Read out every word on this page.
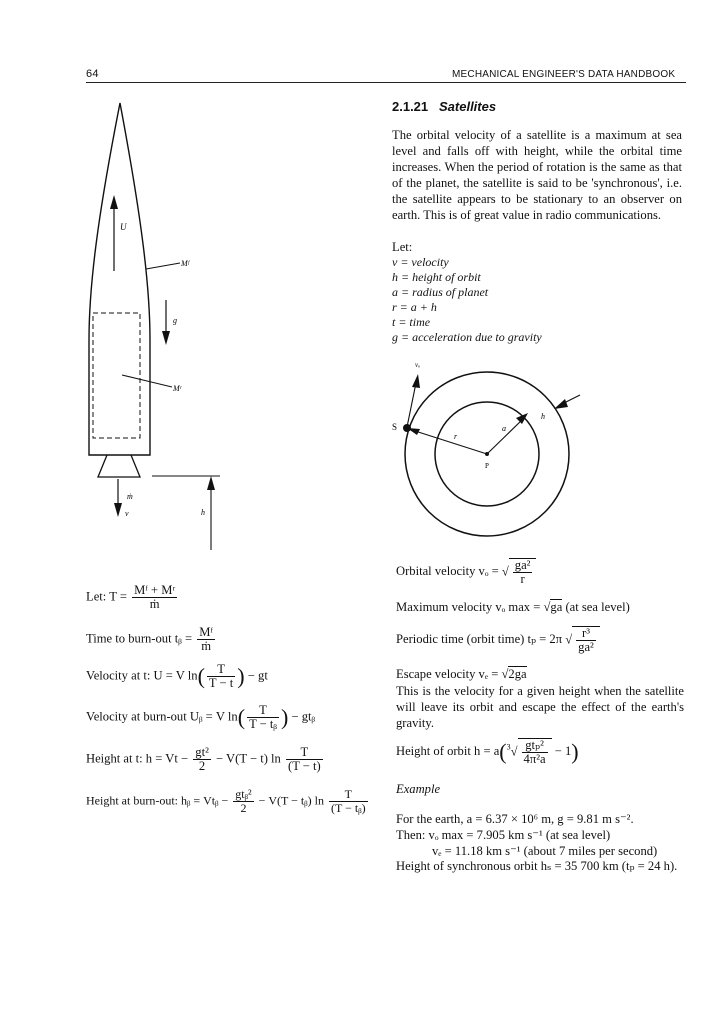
64	MECHANICAL ENGINEER'S DATA HANDBOOK
U
Mᶠ
g
Mʳ
ṁ
v	h
2.1.21 Satellites
The orbital velocity of a satellite is a maximum at sea level and falls off with height, while the orbital time increases. When the period of rotation is the same as that of the planet, the satellite is said to be 'synchronous', i.e. the satellite appears to be stationary to an observer on earth. This is of great value in radio communications.
Let:
v = velocity
h = height of orbit
a = radius of planet
r = a + h
t = time
g = acceleration due to gravity
vₒ
S
r
a
h
P
Let: $T = \frac{\text{Mᶠ + Mʳ}}{\text{ṁ}}$
Time to burn-out tᵦ = $\frac{\text{Mᶠ}}{\text{ṁ}}$
Velocity at t: U = V $\ln( \frac{T}{T - t}$ ) − gt
Velocity at burn-out Uᵦ = V $\ln( \frac{T}{\text{T − tᵦ}}$ ) − gtᵦ
Height at t: $h = Vt - \frac{\text{gt²}}{2} - V(T - t)$ $\ln \frac{T}{(T - t)}$
Height at burn-out: hᵦ = Vtᵦ − $\frac{\text{gtᵦ²}}{2} - V(T$ − tᵦ) $\ln \frac{T}{\text{(T − tᵦ)}}$
Orbital velocity vₒ = √ $\frac{\text{ga²}}{r}$
Maximum velocity vₒ max = √ga (at sea level)
Periodic time (orbit time) tₚ = 2π √ $\frac{\text{r³}}{\text{ga²}}$
Escape velocity vₑ = √2ga
This is the velocity for a given height when the satellite will leave its orbit and escape the effect of the earth's gravity.
Height of orbit $h = a(^3√ \frac{\text{gtₚ²}}{\text{4π²a}} - 1)$
Example
For the earth, a = 6.37 × 10⁶ m, g = 9.81 m s⁻².
Then: vₒ max = 7.905 km s⁻¹ (at sea level)
vₑ = 11.18 km s⁻¹ (about 7 miles per second)
Height of synchronous orbit hₛ = 35 700 km (tₚ = 24 h).
